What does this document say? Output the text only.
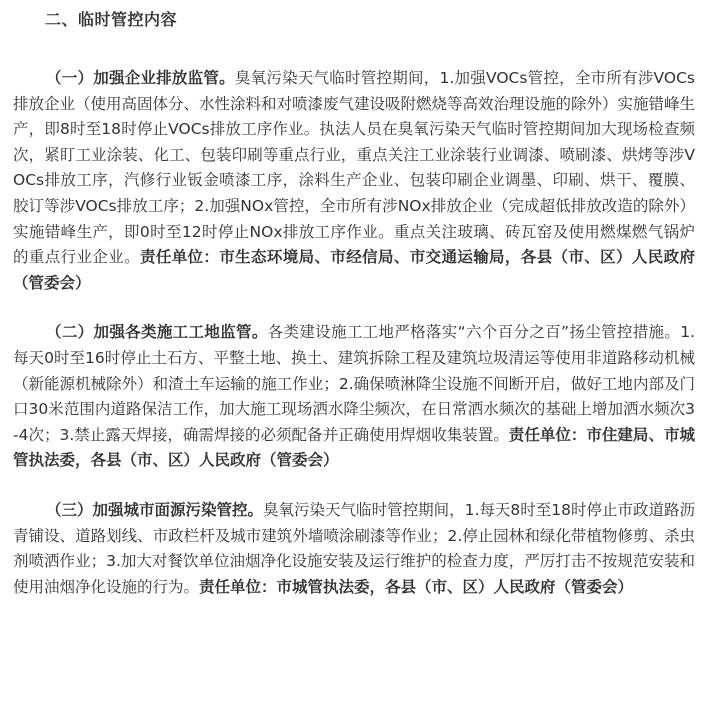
二、临时管控内容

（一）加强企业排放监管。臭氧污染天气临时管控期间，1.加强VOCs管控，全市所有涉VOCs排放企业（使用高固体分、水性涂料和对喷漆废气建设吸附燃烧等高效治理设施的除外）实施错峰生产，即8时至18时停止VOCs排放工序作业。执法人员在臭氧污染天气临时管控期间加大现场检查频次，紧盯工业涂装、化工、包装印刷等重点行业，重点关注工业涂装行业调漆、喷刷漆、烘烤等涉VOCs排放工序，汽修行业钣金喷漆工序，涂料生产企业、包装印刷企业调墨、印刷、烘干、覆膜、胶订等涉VOCs排放工序；2.加强NOx管控，全市所有涉NOx排放企业（完成超低排放改造的除外）实施错峰生产，即0时至12时停止NOx排放工序作业。重点关注玻璃、砖瓦窑及使用燃煤燃气锅炉的重点行业企业。责任单位：市生态环境局、市经信局、市交通运输局，各县（市、区）人民政府（管委会）

（二）加强各类施工工地监管。各类建设施工工地严格落实“六个百分之百”扬尘管控措施。1.每天0时至16时停止土石方、平整土地、换土、建筑拆除工程及建筑垃圾清运等使用非道路移动机械（新能源机械除外）和渣土车运输的施工作业；2.确保喷淋降尘设施不间断开启，做好工地内部及门口30米范围内道路保洁工作，加大施工现场洒水降尘频次，在日常洒水频次的基础上增加洒水频次3-4次；3.禁止露天焊接，确需焊接的必须配备并正确使用焊烟收集装置。责任单位：市住建局、市城管执法委，各县（市、区）人民政府（管委会）

（三）加强城市面源污染管控。臭氧污染天气临时管控期间，1.每天8时至18时停止市政道路沥青铺设、道路划线、市政栏杆及城市建筑外墙喷涂刷漆等作业；2.停止园林和绿化带植物修剪、杀虫剂喷洒作业；3.加大对餐饮单位油烟净化设施安装及运行维护的检查力度，严厉打击不按规范安装和使用油烟净化设施的行为。责任单位：市城管执法委，各县（市、区）人民政府（管委会）
